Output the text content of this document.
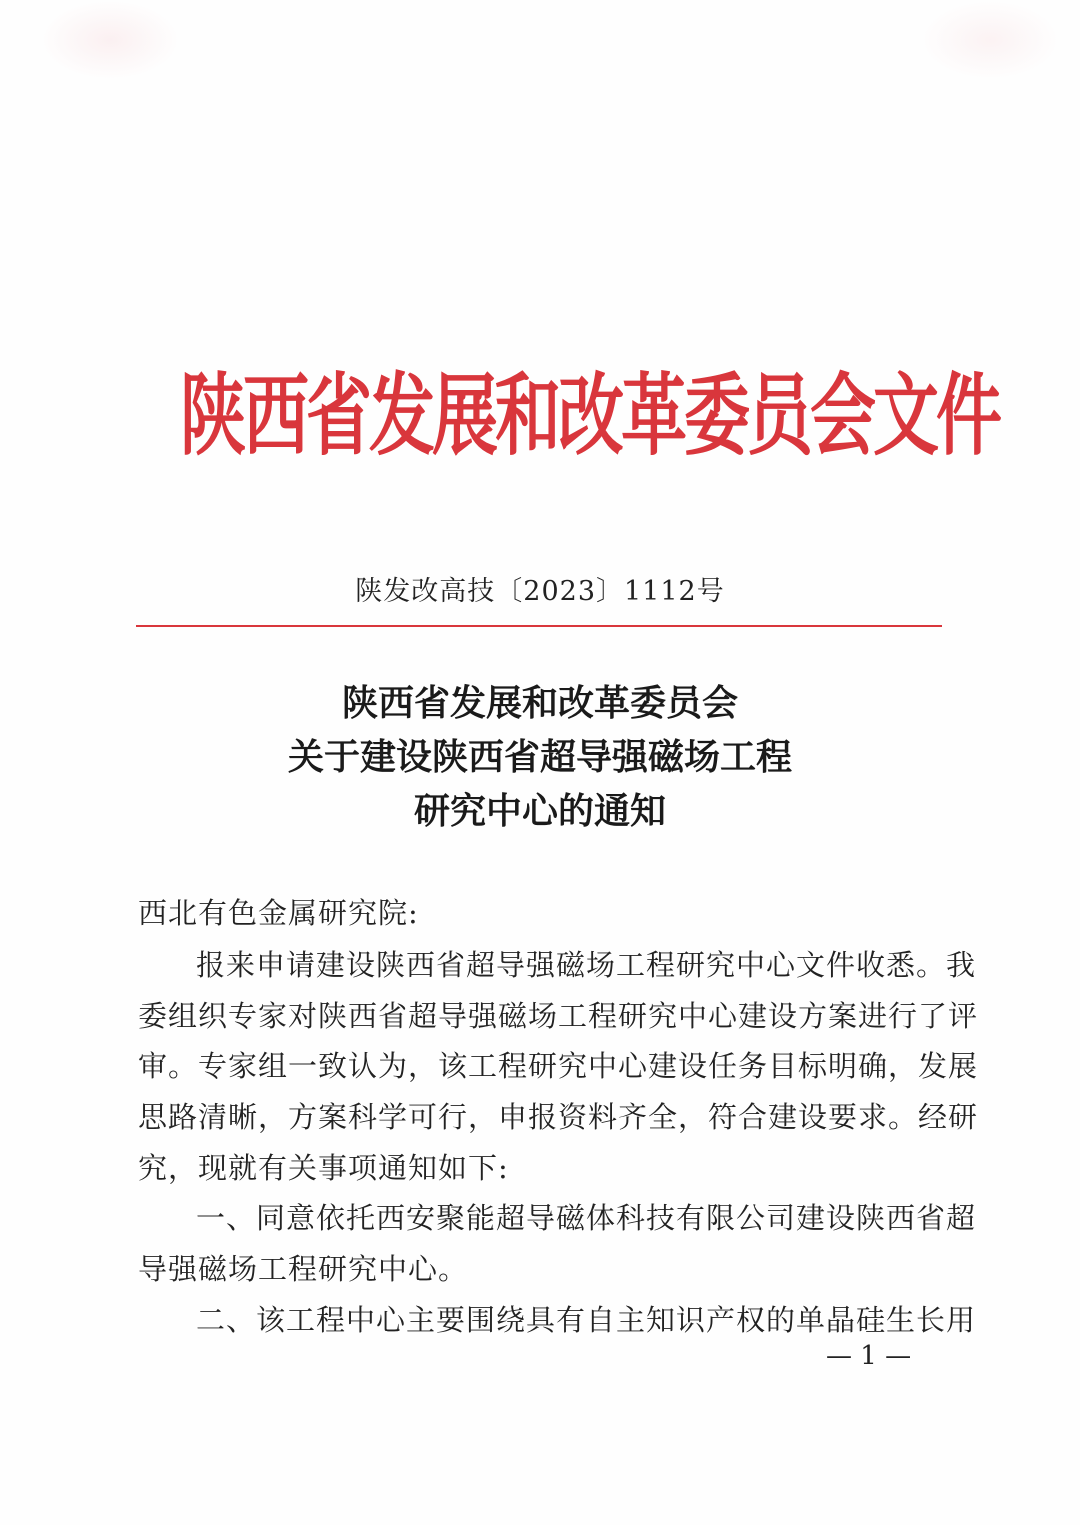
陕西省发展和改革委员会文件
陕发改高技〔2023〕1112号
陕西省发展和改革委员会
关于建设陕西省超导强磁场工程
研究中心的通知
西北有色金属研究院:
报来申请建设陕西省超导强磁场工程研究中心文件收悉。我
委组织专家对陕西省超导强磁场工程研究中心建设方案进行了评
审。专家组一致认为，该工程研究中心建设任务目标明确，发展
思路清晰，方案科学可行，申报资料齐全，符合建设要求。经研
究，现就有关事项通知如下:
一、同意依托西安聚能超导磁体科技有限公司建设陕西省超
导强磁场工程研究中心。
二、该工程中心主要围绕具有自主知识产权的单晶硅生长用
— 1 —
